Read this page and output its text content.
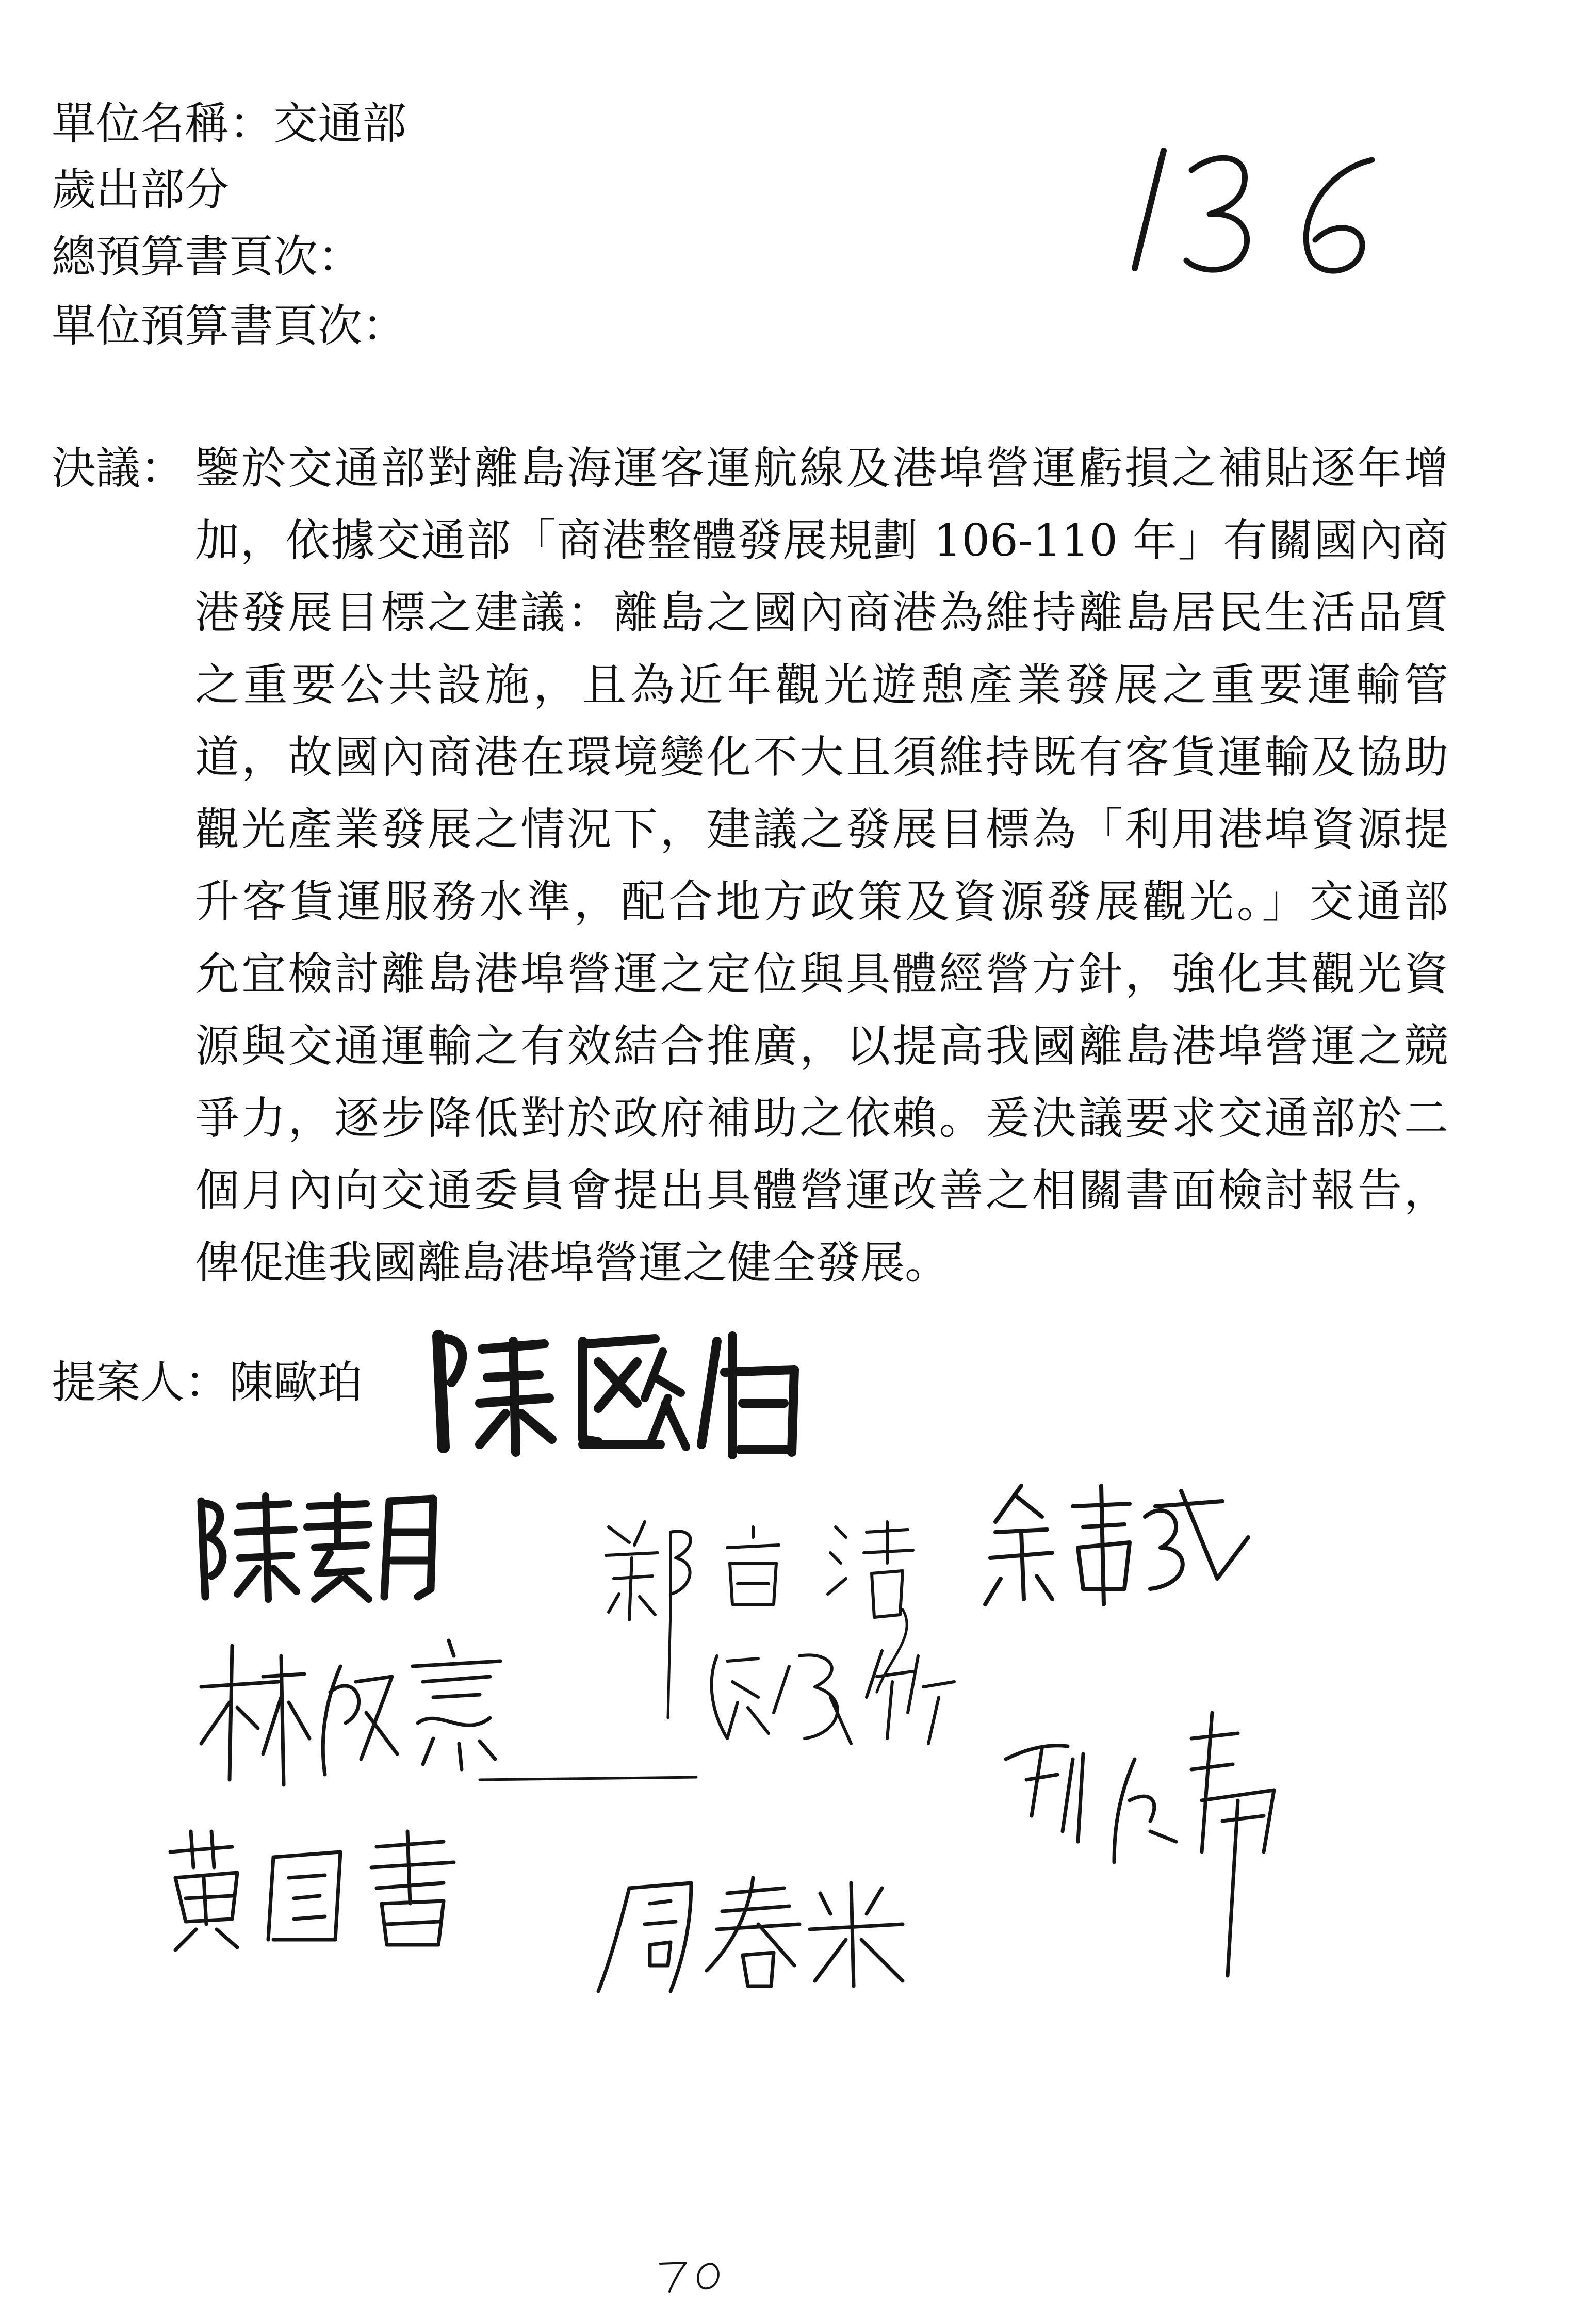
單位名稱：交通部
歲出部分
總預算書頁次：
單位預算書頁次：
決議： 鑒於交通部對離島海運客運航線及港埠營運虧損之補貼逐年增
加，依據交通部「商港整體發展規劃 106-110 年」有關國內商
港發展目標之建議：離島之國內商港為維持離島居民生活品質
之重要公共設施，且為近年觀光遊憩產業發展之重要運輸管
道，故國內商港在環境變化不大且須維持既有客貨運輸及協助
觀光產業發展之情況下，建議之發展目標為「利用港埠資源提
升客貨運服務水準，配合地方政策及資源發展觀光。」交通部
允宜檢討離島港埠營運之定位與具體經營方針，強化其觀光資
源與交通運輸之有效結合推廣，以提高我國離島港埠營運之競
爭力，逐步降低對於政府補助之依賴。爰決議要求交通部於二
個月內向交通委員會提出具體營運改善之相關書面檢討報告，
俾促進我國離島港埠營運之健全發展。
提案人：陳歐珀
